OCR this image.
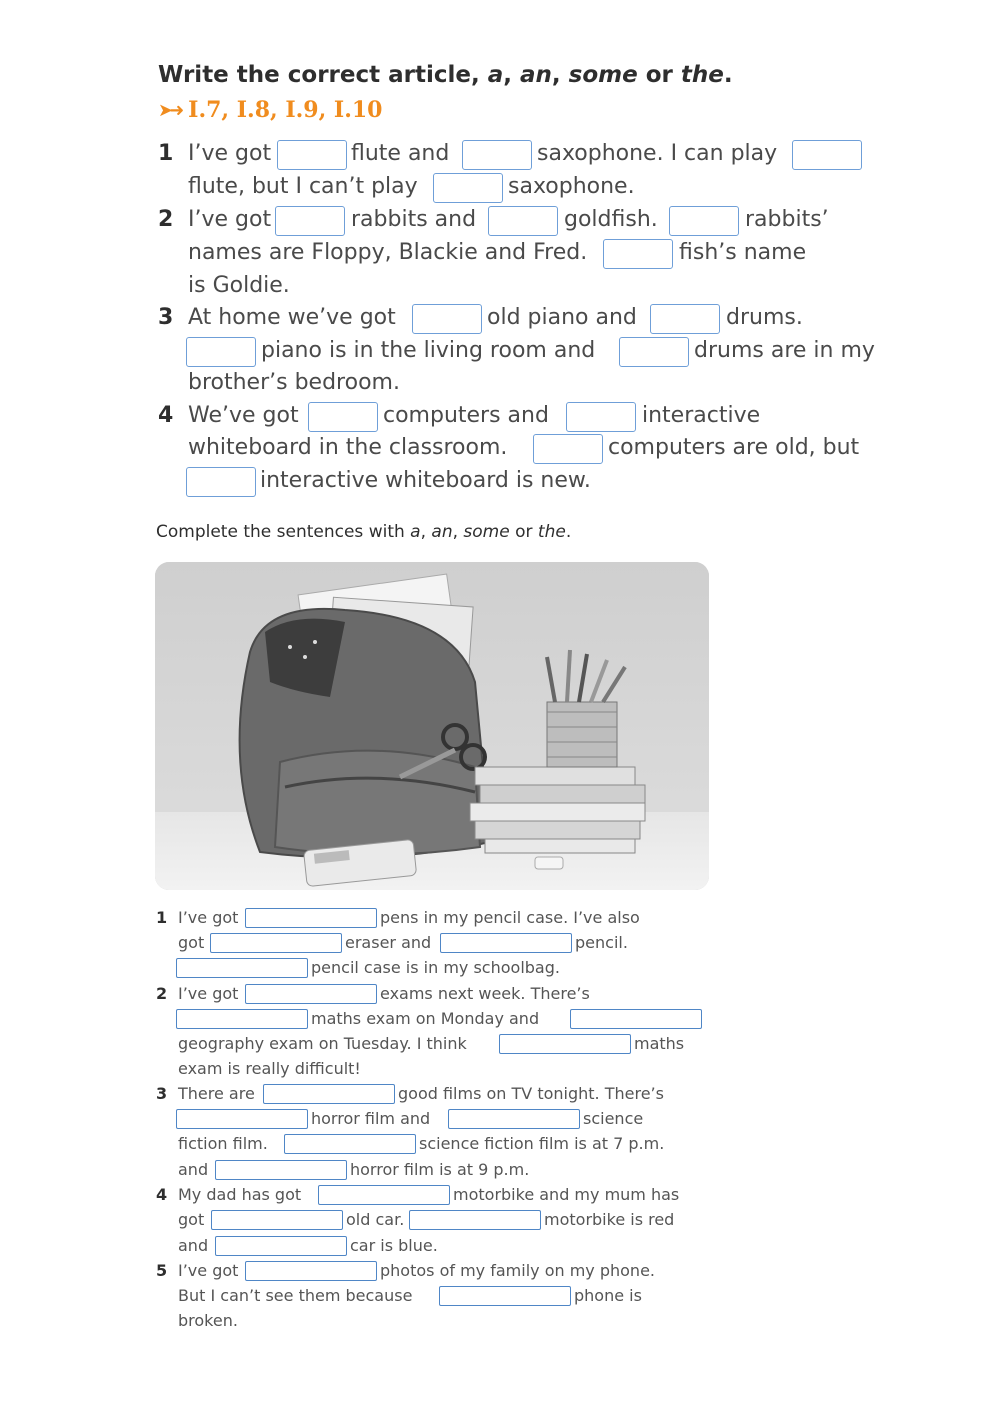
Write the correct article, a, an, some or the.
➤➜ I.7, I.8, I.9, I.10
1 I’ve got	flute and	saxophone. I can play
flute, but I can’t play	saxophone.
2 I’ve got	rabbits and	goldfish.	rabbits’
names are Floppy, Blackie and Fred.	fish’s name
is Goldie.
3 At home we’ve got	old piano and	drums.
piano is in the living room and	drums are in my
brother’s bedroom.
4 We’ve got	computers and	interactive
whiteboard in the classroom.	computers are old, but
interactive whiteboard is new.
Complete the sentences with a, an, some or the.
1 I’ve got	pens in my pencil case. I’ve also
got	eraser and	pencil.
pencil case is in my schoolbag.
2 I’ve got	exams next week. There’s
maths exam on Monday and
geography exam on Tuesday. I think	maths
exam is really difficult!
3 There are	good films on TV tonight. There’s
horror film and	science
fiction film.	science fiction film is at 7 p.m.
and	horror film is at 9 p.m.
4 My dad has got	motorbike and my mum has
got	old car.	motorbike is red
and	car is blue.
5 I’ve got	photos of my family on my phone.
But I can’t see them because	phone is
broken.
